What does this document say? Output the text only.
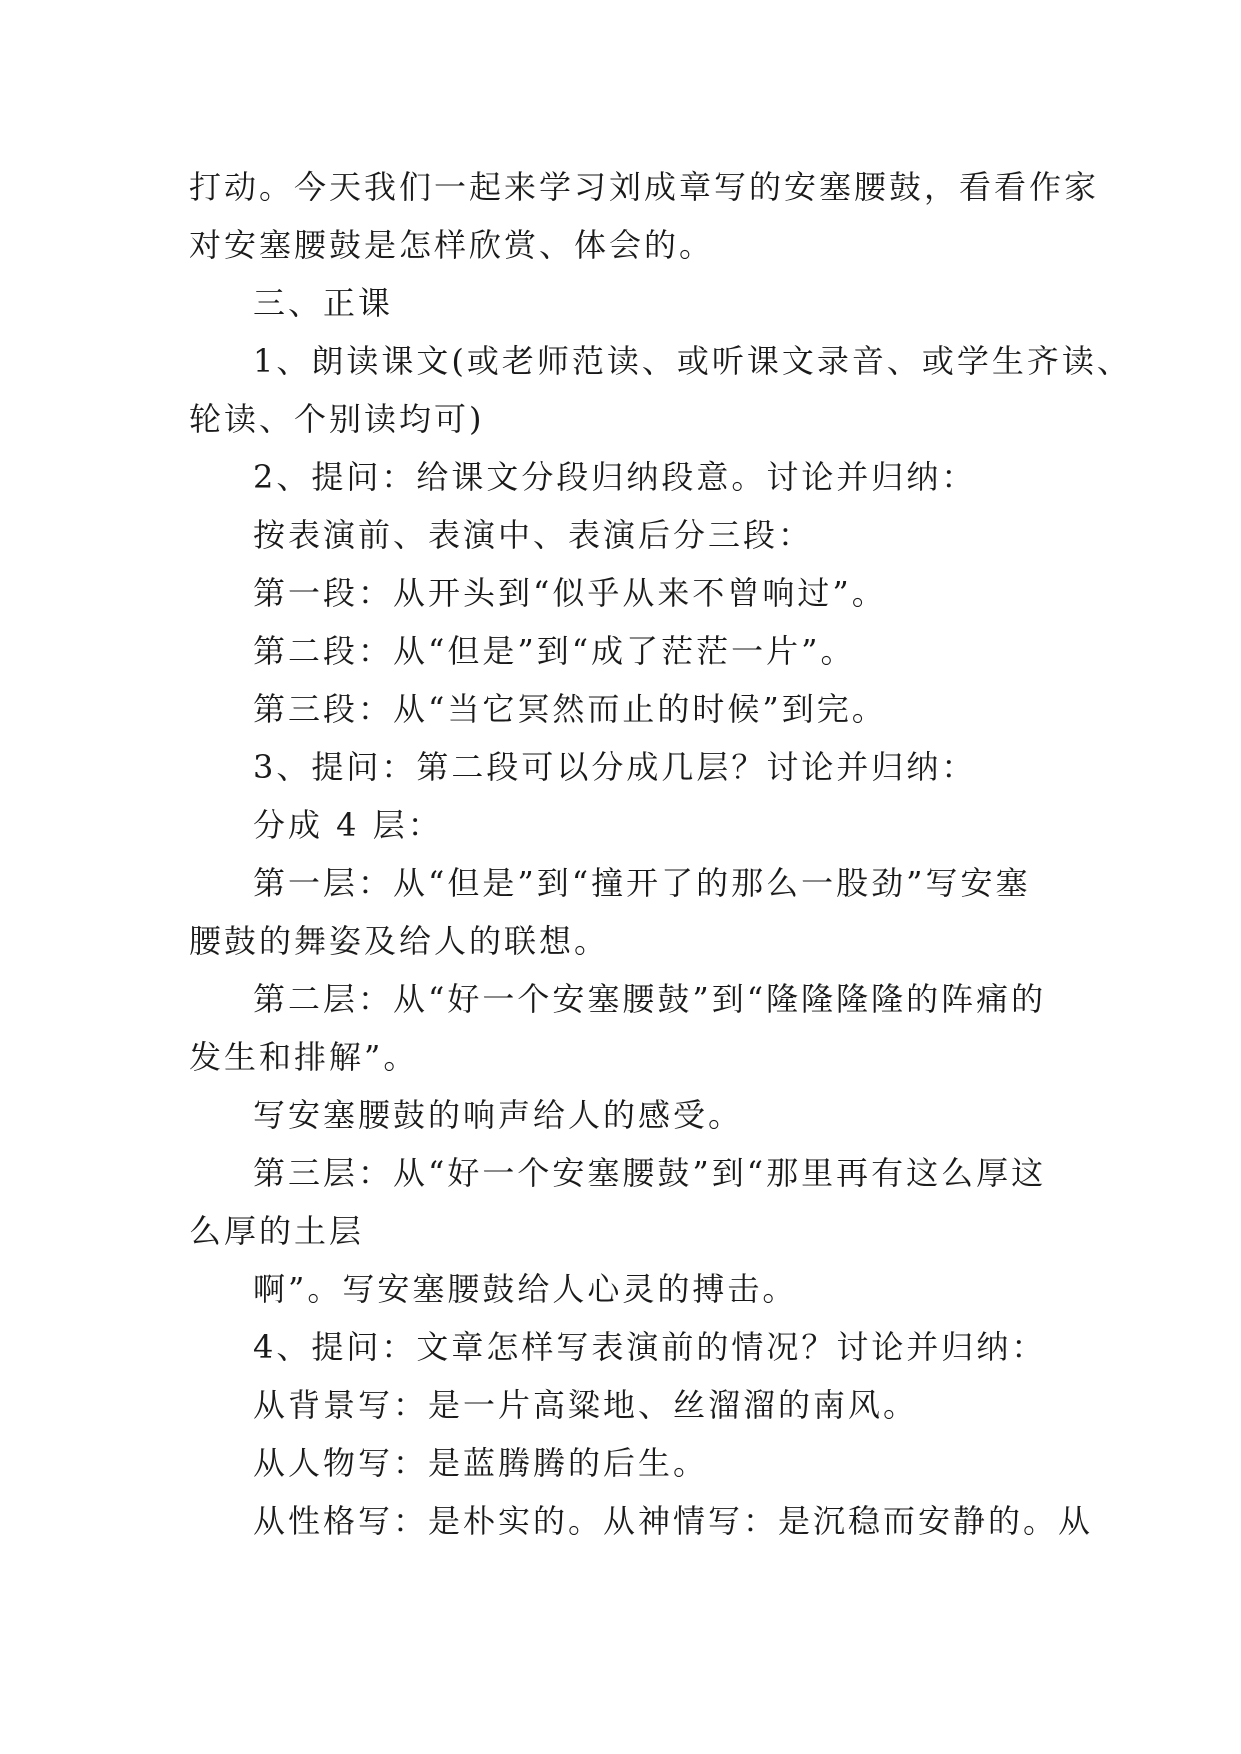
打动。今天我们一起来学习刘成章写的安塞腰鼓，看看作家
对安塞腰鼓是怎样欣赏、体会的。
三、正课
1、朗读课文(或老师范读、或听课文录音、或学生齐读、
轮读、个别读均可)
2、提问：给课文分段归纳段意。讨论并归纳：
按表演前、表演中、表演后分三段：
第一段：从开头到“似乎从来不曾响过”。
第二段：从“但是”到“成了茫茫一片”。
第三段：从“当它冥然而止的时候”到完。
3、提问：第二段可以分成几层？讨论并归纳：
分成 4 层：
第一层：从“但是”到“撞开了的那么一股劲”写安塞
腰鼓的舞姿及给人的联想。
第二层：从“好一个安塞腰鼓”到“隆隆隆隆的阵痛的
发生和排解”。
写安塞腰鼓的响声给人的感受。
第三层：从“好一个安塞腰鼓”到“那里再有这么厚这
么厚的土层
啊”。写安塞腰鼓给人心灵的搏击。
4、提问：文章怎样写表演前的情况？讨论并归纳：
从背景写：是一片高粱地、丝溜溜的南风。
从人物写：是蓝腾腾的后生。
从性格写：是朴实的。从神情写：是沉稳而安静的。从
